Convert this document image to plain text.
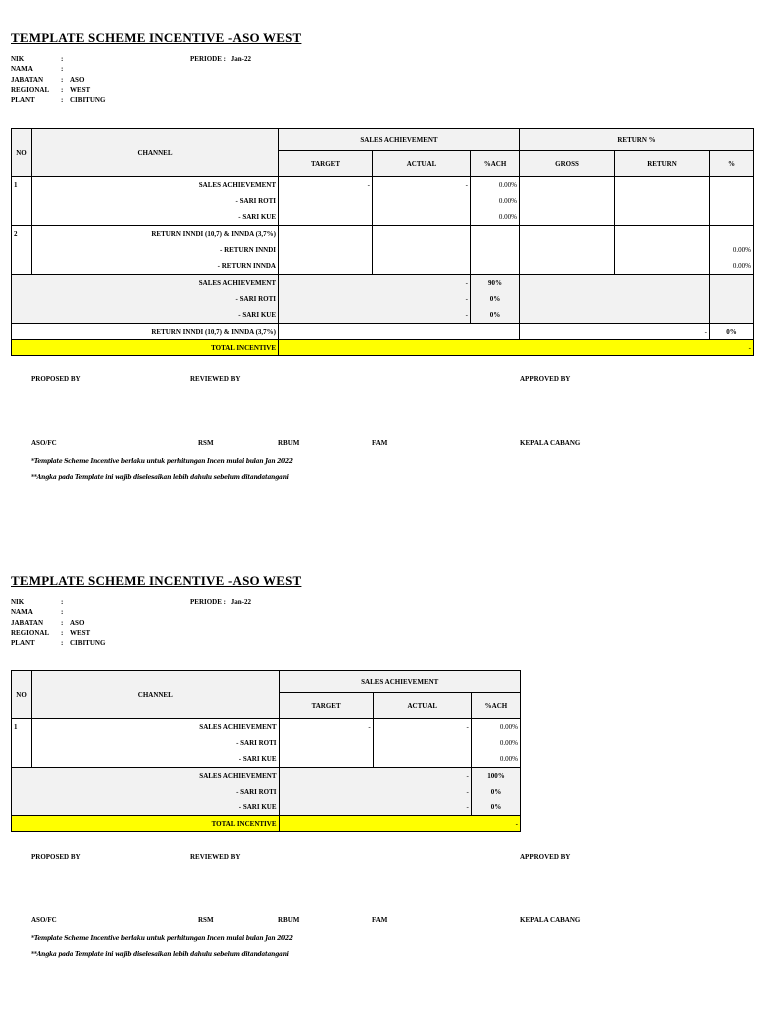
TEMPLATE SCHEME INCENTIVE -ASO WEST
NIK	:
NAMA	:
JABATAN	: ASO
REGIONAL : WEST
PLANT	: CIBITUNG
PERIODE : Jan-22
NO	CHANNEL	SALES ACHIEVEMENT			RETURN %		
		TARGET	ACTUAL	%ACH	GROSS	RETURN	%
1	SALES ACHIEVEMENT	-	-	0.00%			
	- SARI ROTI			0.00%			
	- SARI KUE			0.00%			
2	RETURN INNDI (10,7) & INNDA (3,7%)						
	- RETURN INNDI						0.00%
	- RETURN INNDA						0.00%
	SALES ACHIEVEMENT		-	90%			
	- SARI ROTI		-	0%			
	- SARI KUE		-	0%			
	RETURN INNDI (10,7) & INNDA (3,7%)					-	0%
	TOTAL INCENTIVE						-
PROPOSED BY	REVIEWED BY	APPROVED BY
ASO/FC	RSM	RBUM	FAM	KEPALA CABANG
*Template Scheme Incentive berlaku untuk perhitungan Incen mulai bulan Jan 2022
**Angka pada Template ini wajib diselesaikan lebih dahulu sebelum ditandatangani
TEMPLATE SCHEME INCENTIVE -ASO WEST
NIK	:
NAMA	:
JABATAN	: ASO
REGIONAL : WEST
PLANT	: CIBITUNG
PERIODE : Jan-22
NO	CHANNEL	SALES ACHIEVEMENT		
		TARGET	ACTUAL	%ACH
1	SALES ACHIEVEMENT	-	-	0.00%
	- SARI ROTI			0.00%
	- SARI KUE			0.00%
	SALES ACHIEVEMENT		-	100%
	- SARI ROTI		-	0%
	- SARI KUE		-	0%
	TOTAL INCENTIVE			-
PROPOSED BY	REVIEWED BY	APPROVED BY
ASO/FC	RSM	RBUM	FAM	KEPALA CABANG
*Template Scheme Incentive berlaku untuk perhitungan Incen mulai bulan Jan 2022
**Angka pada Template ini wajib diselesaikan lebih dahulu sebelum ditandatangani
